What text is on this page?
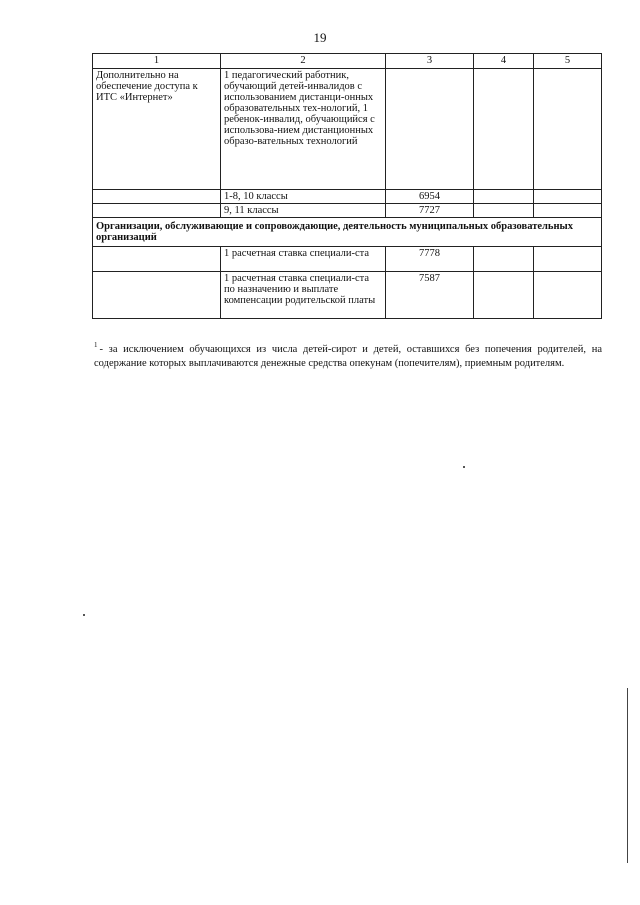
19
1	2	3	4	5
Дополнительно на обеспечение доступа к ИТС «Интернет»	1 педагогический работник, обучающий детей-инвалидов с использованием дистанци-онных образовательных тех-нологий, 1 ребенок-инвалид, обучающийся с использова-нием дистанционных образо-вательных технологий			
	1-8, 10 классы	6954		
	9, 11 классы	7727		
Организации, обслуживающие и сопровождающие, деятельность муниципальных образовательных организаций				
	1 расчетная ставка специали-ста	7778		
	1 расчетная ставка специали-ста по назначению и выплате компенсации родительской платы	7587		
$^1$ - за исключением обучающихся из числа детей-сирот и детей, оставшихся без попечения родителей, на содержание которых выплачиваются денежные средства опекунам (попечителям), приемным родителям.
